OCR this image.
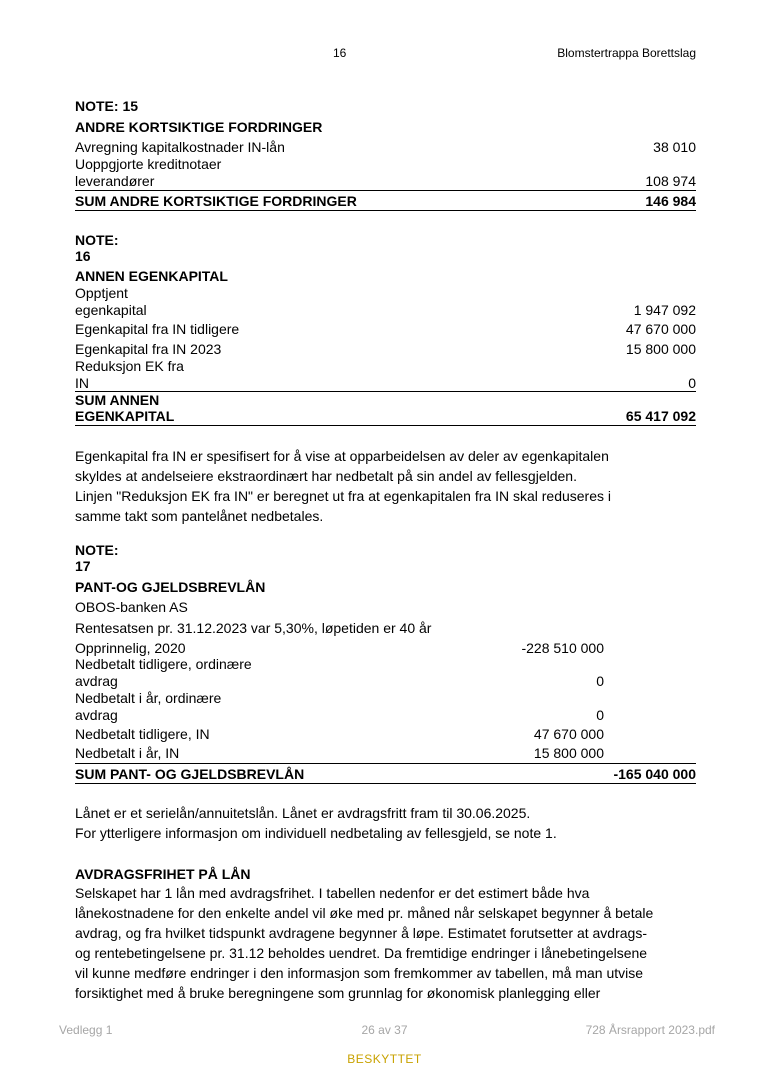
16	Blomstertrappa Borettslag
NOTE: 15
ANDRE KORTSIKTIGE FORDRINGER
Avregning kapitalkostnader IN-lån	38 010
Uoppgjorte kreditnotaer
leverandører	108 974
SUM ANDRE KORTSIKTIGE FORDRINGER	146 984
NOTE:
16
ANNEN EGENKAPITAL
Opptjent
egenkapital	1 947 092
Egenkapital fra IN tidligere	47 670 000
Egenkapital fra IN 2023	15 800 000
Reduksjon EK fra
IN	0
SUM ANNEN
EGENKAPITAL	65 417 092
Egenkapital fra IN er spesifisert for å vise at opparbeidelsen av deler av egenkapitalen
skyldes at andelseiere ekstraordinært har nedbetalt på sin andel av fellesgjelden.
Linjen "Reduksjon EK fra IN" er beregnet ut fra at egenkapitalen fra IN skal reduseres i
samme takt som pantelånet nedbetales.
NOTE:
17
PANT-OG GJELDSBREVLÅN
OBOS-banken AS
Rentesatsen pr. 31.12.2023 var 5,30%, løpetiden er 40 år
Opprinnelig, 2020	-228 510 000
Nedbetalt tidligere, ordinære
avdrag	0
Nedbetalt i år, ordinære
avdrag	0
Nedbetalt tidligere, IN	47 670 000
Nedbetalt i år, IN	15 800 000
SUM PANT- OG GJELDSBREVLÅN	-165 040 000
Lånet er et serielån/annuitetslån. Lånet er avdragsfritt fram til 30.06.2025.
For ytterligere informasjon om individuell nedbetaling av fellesgjeld, se note 1.
AVDRAGSFRIHET PÅ LÅN
Selskapet har 1 lån med avdragsfrihet. I tabellen nedenfor er det estimert både hva
lånekostnadene for den enkelte andel vil øke med pr. måned når selskapet begynner å betale
avdrag, og fra hvilket tidspunkt avdragene begynner å løpe. Estimatet forutsetter at avdrags-
og rentebetingelsene pr. 31.12 beholdes uendret. Da fremtidige endringer i lånebetingelsene
vil kunne medføre endringer i den informasjon som fremkommer av tabellen, må man utvise
forsiktighet med å bruke beregningene som grunnlag for økonomisk planlegging eller
Vedlegg 1	26 av 37	728 Årsrapport 2023.pdf
BESKYTTET
